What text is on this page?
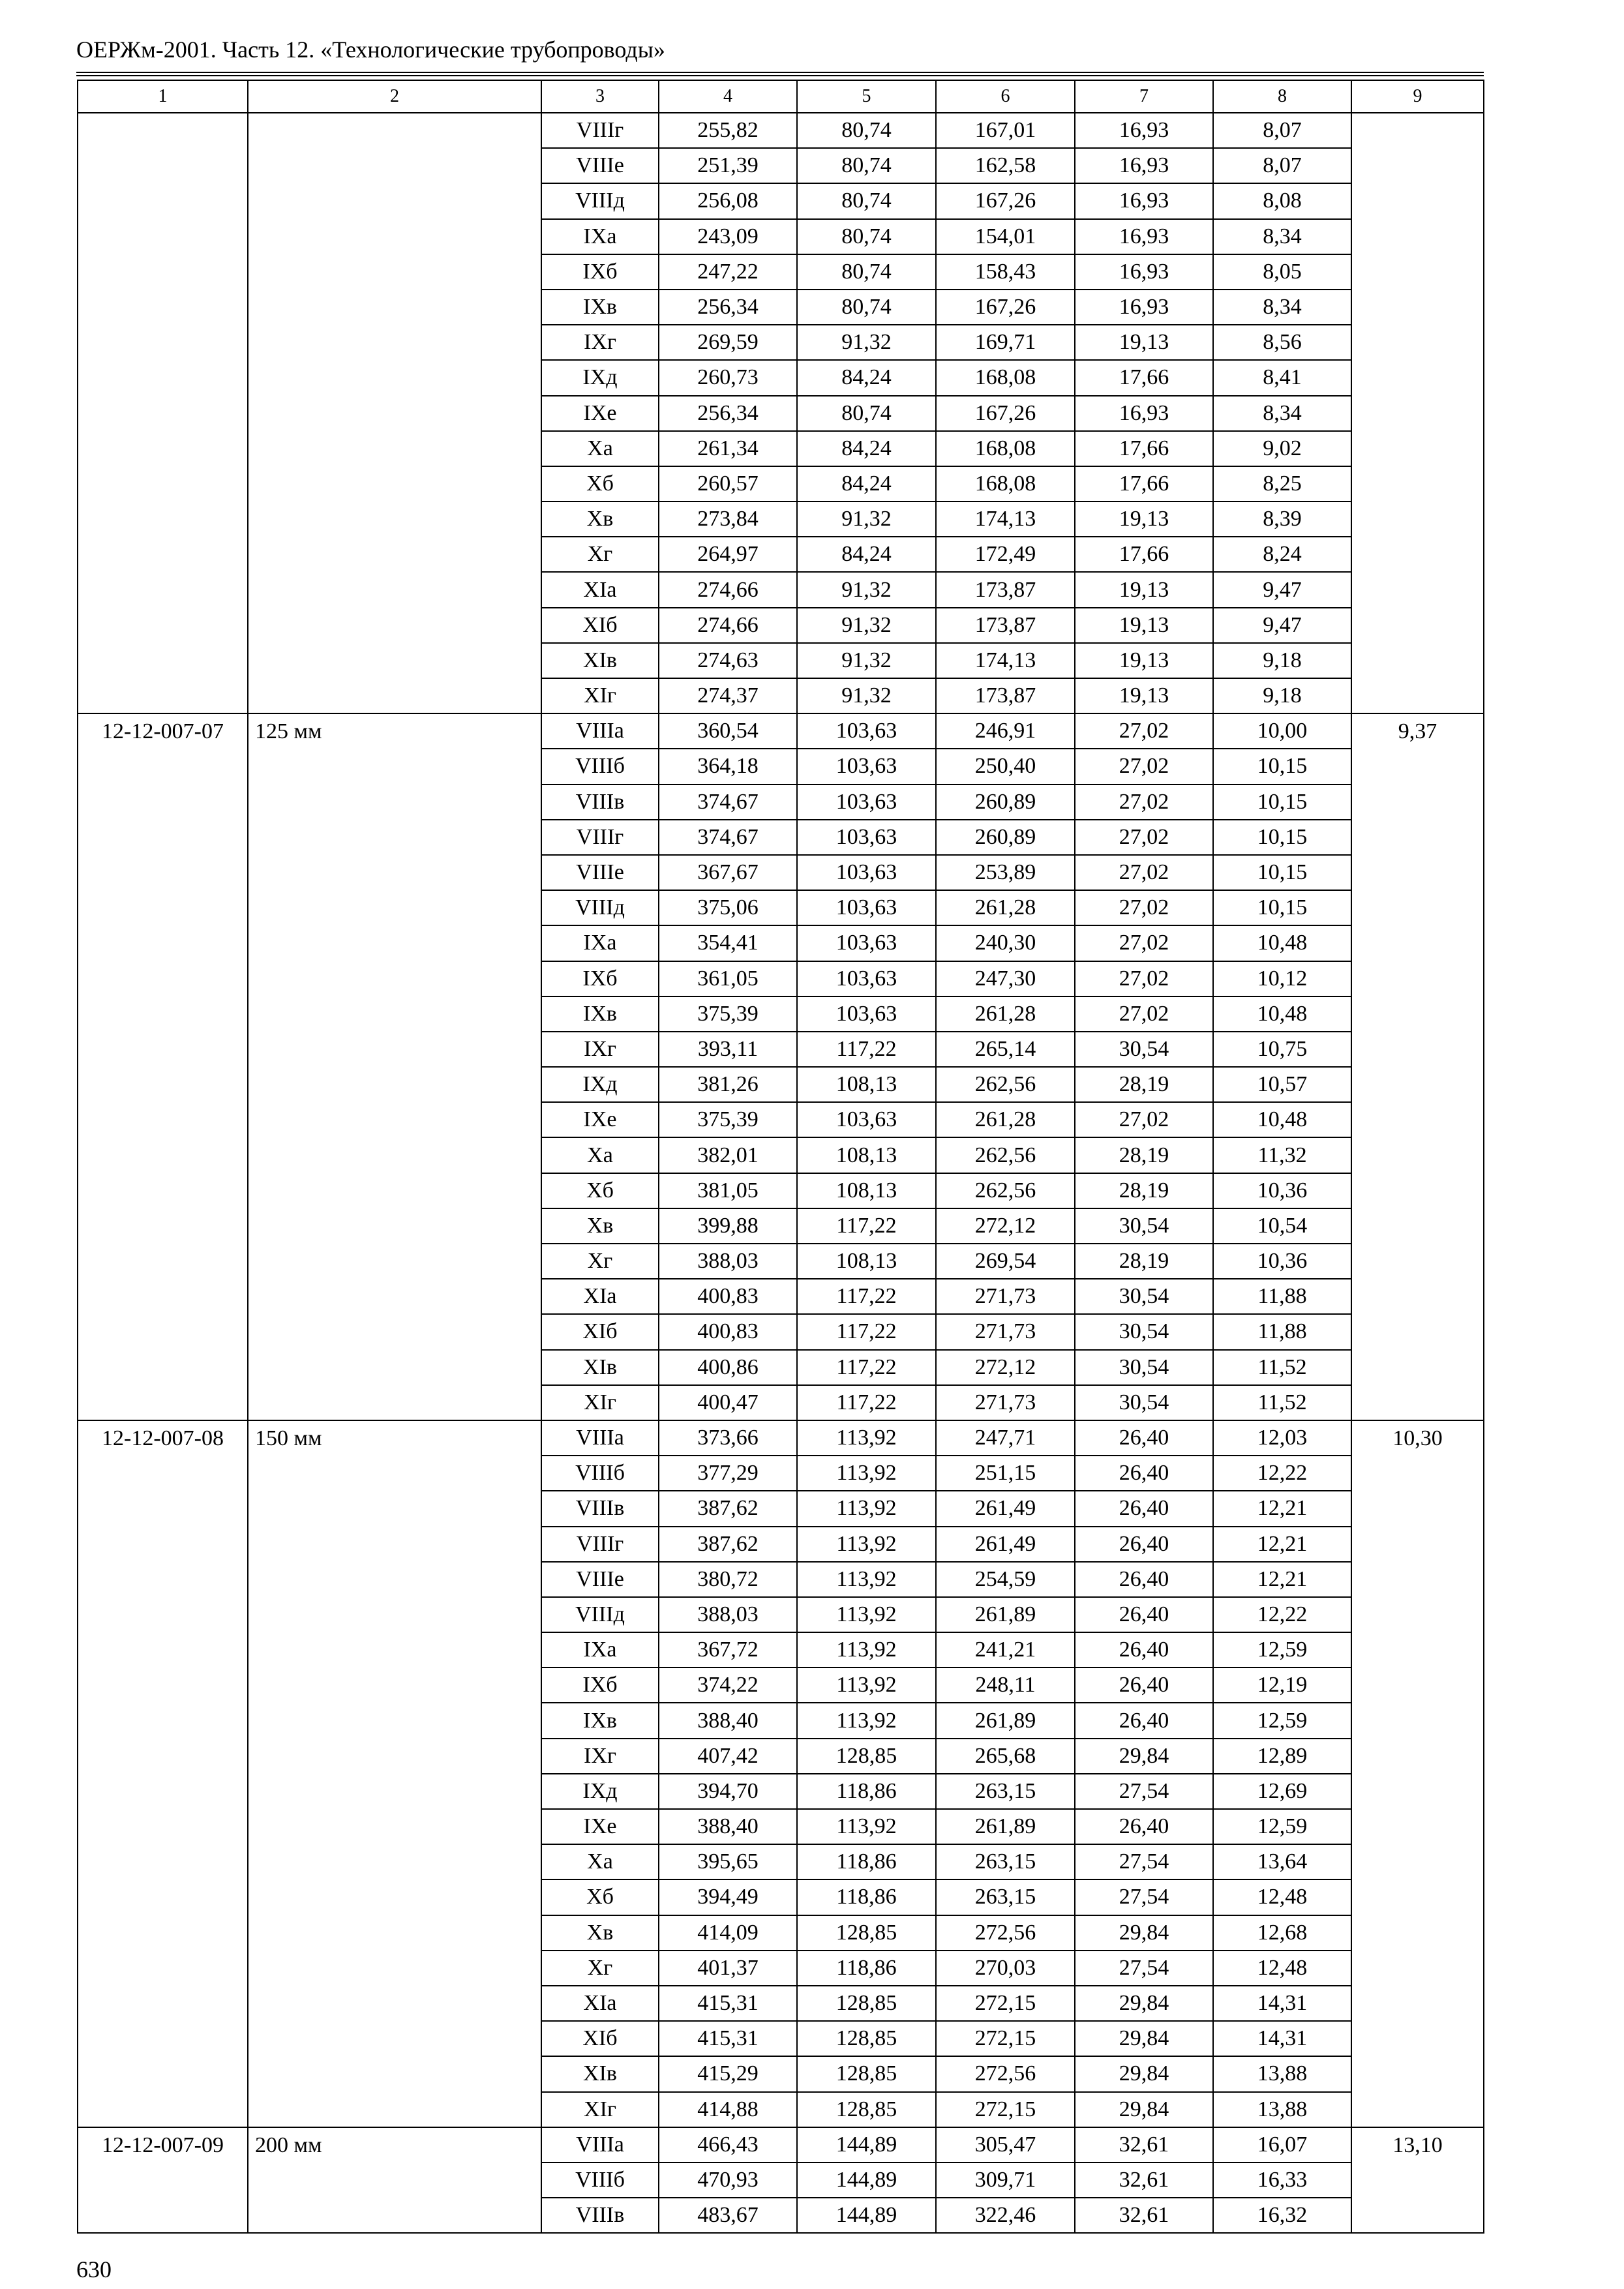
ОЕРЖм-2001. Часть 12. «Технологические трубопроводы»
1	2	3	4	5	6	7	8	9
		VIIIг	255,82	80,74	167,01	16,93	8,07	
		VIIIе	251,39	80,74	162,58	16,93	8,07	
		VIIIд	256,08	80,74	167,26	16,93	8,08	
		IXа	243,09	80,74	154,01	16,93	8,34	
		IXб	247,22	80,74	158,43	16,93	8,05	
		IXв	256,34	80,74	167,26	16,93	8,34	
		IXг	269,59	91,32	169,71	19,13	8,56	
		IXд	260,73	84,24	168,08	17,66	8,41	
		IXе	256,34	80,74	167,26	16,93	8,34	
		Xа	261,34	84,24	168,08	17,66	9,02	
		Xб	260,57	84,24	168,08	17,66	8,25	
		Xв	273,84	91,32	174,13	19,13	8,39	
		Xг	264,97	84,24	172,49	17,66	8,24	
		XIа	274,66	91,32	173,87	19,13	9,47	
		XIб	274,66	91,32	173,87	19,13	9,47	
		XIв	274,63	91,32	174,13	19,13	9,18	
		XIг	274,37	91,32	173,87	19,13	9,18	
12-12-007-07	125 мм	VIIIа	360,54	103,63	246,91	27,02	10,00	9,37
		VIIIб	364,18	103,63	250,40	27,02	10,15	
		VIIIв	374,67	103,63	260,89	27,02	10,15	
		VIIIг	374,67	103,63	260,89	27,02	10,15	
		VIIIе	367,67	103,63	253,89	27,02	10,15	
		VIIIд	375,06	103,63	261,28	27,02	10,15	
		IXа	354,41	103,63	240,30	27,02	10,48	
		IXб	361,05	103,63	247,30	27,02	10,12	
		IXв	375,39	103,63	261,28	27,02	10,48	
		IXг	393,11	117,22	265,14	30,54	10,75	
		IXд	381,26	108,13	262,56	28,19	10,57	
		IXе	375,39	103,63	261,28	27,02	10,48	
		Xа	382,01	108,13	262,56	28,19	11,32	
		Xб	381,05	108,13	262,56	28,19	10,36	
		Xв	399,88	117,22	272,12	30,54	10,54	
		Xг	388,03	108,13	269,54	28,19	10,36	
		XIа	400,83	117,22	271,73	30,54	11,88	
		XIб	400,83	117,22	271,73	30,54	11,88	
		XIв	400,86	117,22	272,12	30,54	11,52	
		XIг	400,47	117,22	271,73	30,54	11,52	
12-12-007-08	150 мм	VIIIа	373,66	113,92	247,71	26,40	12,03	10,30
		VIIIб	377,29	113,92	251,15	26,40	12,22	
		VIIIв	387,62	113,92	261,49	26,40	12,21	
		VIIIг	387,62	113,92	261,49	26,40	12,21	
		VIIIе	380,72	113,92	254,59	26,40	12,21	
		VIIIд	388,03	113,92	261,89	26,40	12,22	
		IXа	367,72	113,92	241,21	26,40	12,59	
		IXб	374,22	113,92	248,11	26,40	12,19	
		IXв	388,40	113,92	261,89	26,40	12,59	
		IXг	407,42	128,85	265,68	29,84	12,89	
		IXд	394,70	118,86	263,15	27,54	12,69	
		IXе	388,40	113,92	261,89	26,40	12,59	
		Xа	395,65	118,86	263,15	27,54	13,64	
		Xб	394,49	118,86	263,15	27,54	12,48	
		Xв	414,09	128,85	272,56	29,84	12,68	
		Xг	401,37	118,86	270,03	27,54	12,48	
		XIа	415,31	128,85	272,15	29,84	14,31	
		XIб	415,31	128,85	272,15	29,84	14,31	
		XIв	415,29	128,85	272,56	29,84	13,88	
		XIг	414,88	128,85	272,15	29,84	13,88	
12-12-007-09	200 мм	VIIIа	466,43	144,89	305,47	32,61	16,07	13,10
		VIIIб	470,93	144,89	309,71	32,61	16,33	
		VIIIв	483,67	144,89	322,46	32,61	16,32	
630
